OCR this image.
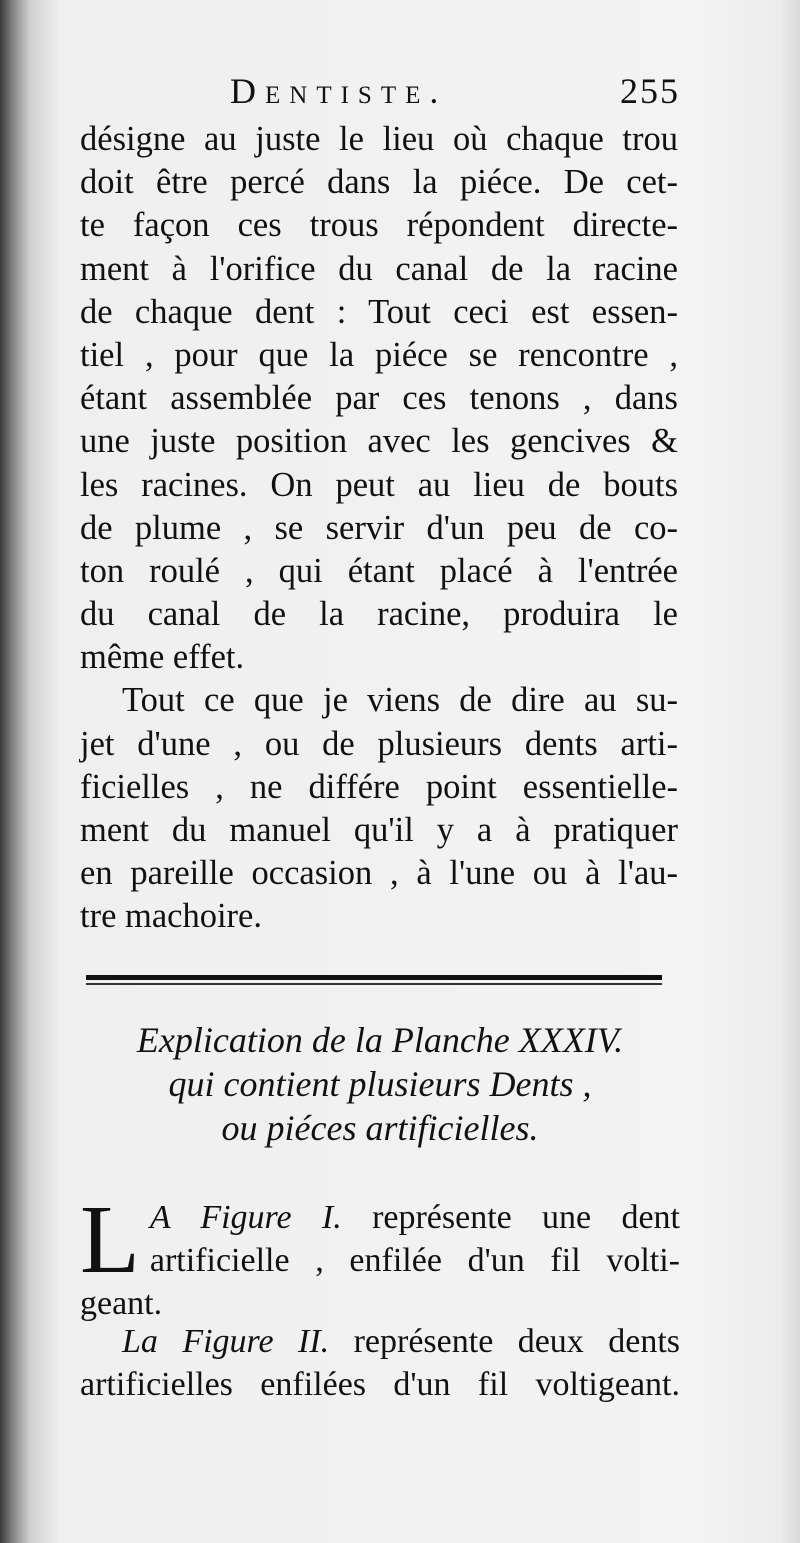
Dentiste.	255
désigne au juste le lieu où chaque trou
doit être percé dans la piéce. De cet-
te façon ces trous répondent directe-
ment à l'orifice du canal de la racine
de chaque dent : Tout ceci est essen-
tiel , pour que la piéce se rencontre ,
étant assemblée par ces tenons , dans
une juste position avec les gencives &
les racines. On peut au lieu de bouts
de plume , se servir d'un peu de co-
ton roulé , qui étant placé à l'entrée
du canal de la racine, produira le
même effet.
Tout ce que je viens de dire au su-
jet d'une , ou de plusieurs dents arti-
ficielles , ne différe point essentielle-
ment du manuel qu'il y a à pratiquer
en pareille occasion , à l'une ou à l'au-
tre machoire.
Explication de la Planche XXXIV.
qui contient plusieurs Dents ,
ou piéces artificielles.
L A Figure I. représente une dent
artificielle , enfilée d'un fil volti-
geant.
La Figure II. représente deux dents
artificielles enfilées d'un fil voltigeant.
